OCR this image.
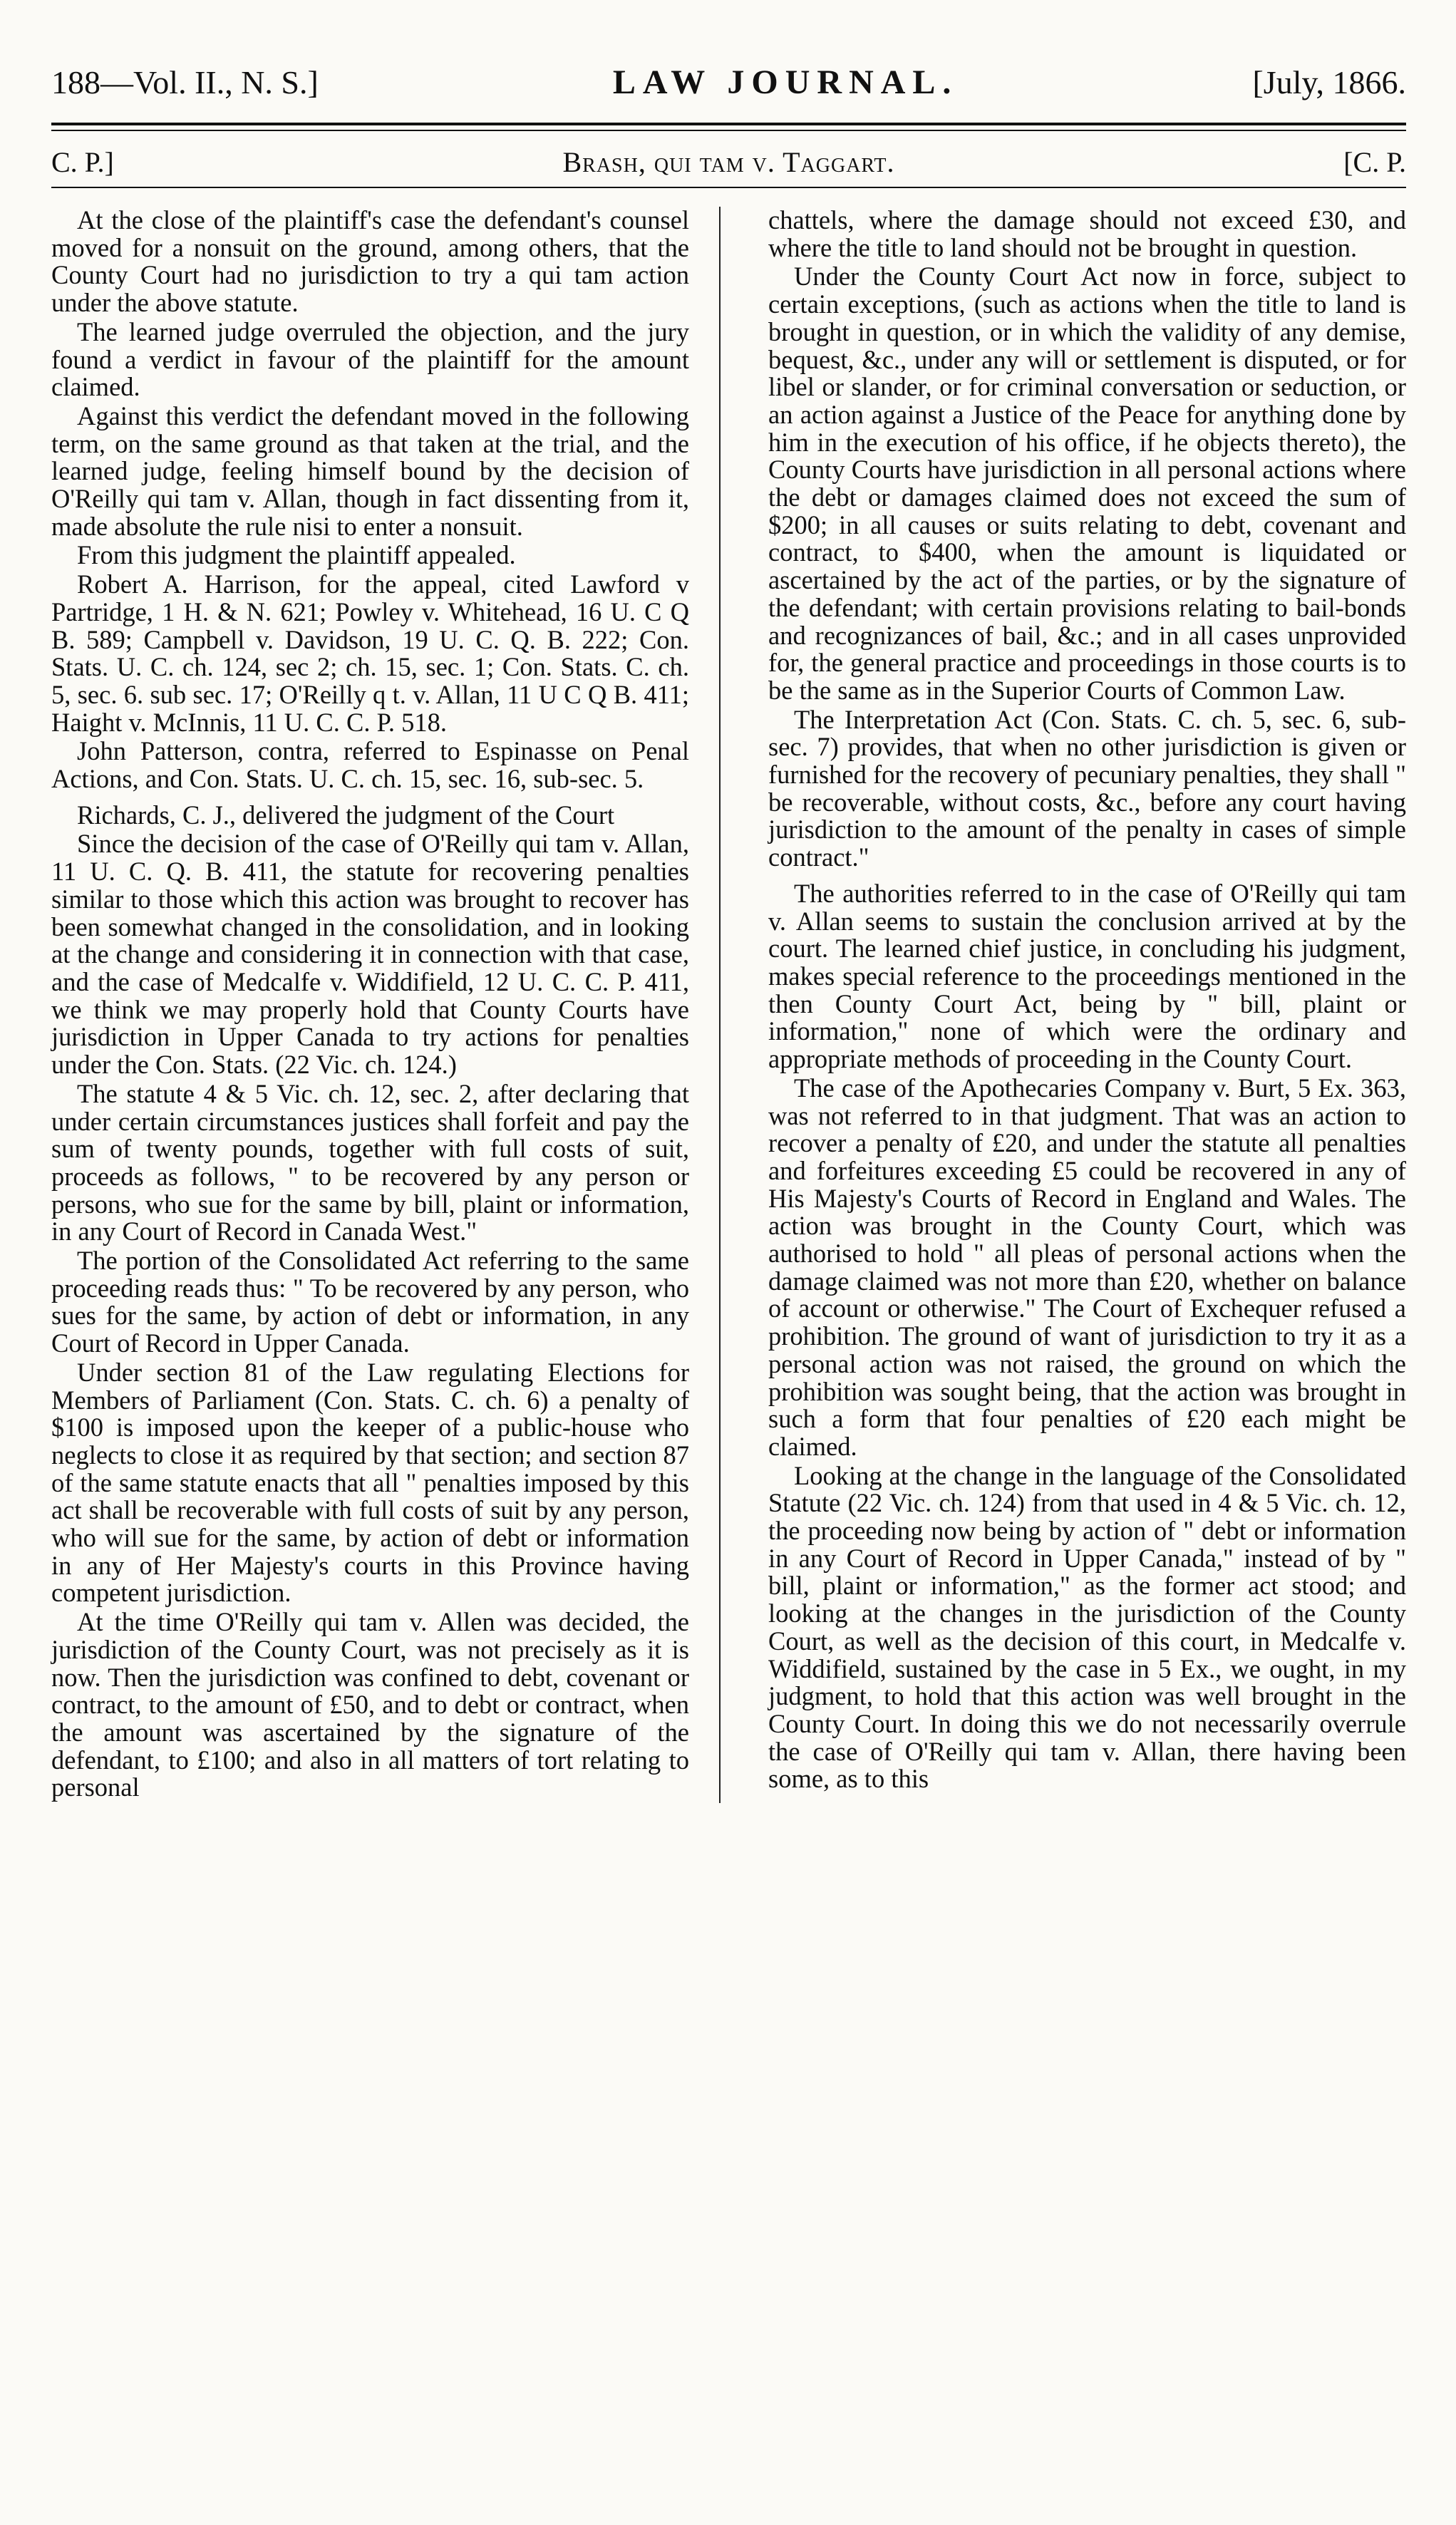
188—Vol. II., N. S.]	LAW JOURNAL.	[July, 1866.
C. P.]	Brash, qui tam v. Taggart.	[C. P.

At the close of the plaintiff's case the defendant's counsel moved for a nonsuit on the ground, among others, that the County Court had no jurisdiction to try a qui tam action under the above statute.

The learned judge overruled the objection, and the jury found a verdict in favour of the plaintiff for the amount claimed.

Against this verdict the defendant moved in the following term, on the same ground as that taken at the trial, and the learned judge, feeling himself bound by the decision of O'Reilly qui tam v. Allan, though in fact dissenting from it, made absolute the rule nisi to enter a nonsuit.

From this judgment the plaintiff appealed.

Robert A. Harrison, for the appeal, cited Lawford v Partridge, 1 H. & N. 621; Powley v. Whitehead, 16 U. C Q B. 589; Campbell v. Davidson, 19 U. C. Q. B. 222; Con. Stats. U. C. ch. 124, sec 2; ch. 15, sec. 1; Con. Stats. C. ch. 5, sec. 6. sub sec. 17; O'Reilly q t. v. Allan, 11 U C Q B. 411; Haight v. McInnis, 11 U. C. C. P. 518.

John Patterson, contra, referred to Espinasse on Penal Actions, and Con. Stats. U. C. ch. 15, sec. 16, sub-sec. 5.

Richards, C. J., delivered the judgment of the Court

Since the decision of the case of O'Reilly qui tam v. Allan, 11 U. C. Q. B. 411, the statute for recovering penalties similar to those which this action was brought to recover has been somewhat changed in the consolidation, and in looking at the change and considering it in connection with that case, and the case of Medcalfe v. Widdifield, 12 U. C. C. P. 411, we think we may properly hold that County Courts have jurisdiction in Upper Canada to try actions for penalties under the Con. Stats. (22 Vic. ch. 124.)

The statute 4 & 5 Vic. ch. 12, sec. 2, after declaring that under certain circumstances justices shall forfeit and pay the sum of twenty pounds, together with full costs of suit, proceeds as follows, " to be recovered by any person or persons, who sue for the same by bill, plaint or information, in any Court of Record in Canada West."

The portion of the Consolidated Act referring to the same proceeding reads thus: " To be recovered by any person, who sues for the same, by action of debt or information, in any Court of Record in Upper Canada.

Under section 81 of the Law regulating Elections for Members of Parliament (Con. Stats. C. ch. 6) a penalty of $100 is imposed upon the keeper of a public-house who neglects to close it as required by that section; and section 87 of the same statute enacts that all " penalties imposed by this act shall be recoverable with full costs of suit by any person, who will sue for the same, by action of debt or information in any of Her Majesty's courts in this Province having competent jurisdiction.

At the time O'Reilly qui tam v. Allen was decided, the jurisdiction of the County Court, was not precisely as it is now. Then the jurisdiction was confined to debt, covenant or contract, to the amount of £50, and to debt or contract, when the amount was ascertained by the signature of the defendant, to £100; and also in all matters of tort relating to personal

chattels, where the damage should not exceed £30, and where the title to land should not be brought in question.

Under the County Court Act now in force, subject to certain exceptions, (such as actions when the title to land is brought in question, or in which the validity of any demise, bequest, &c., under any will or settlement is disputed, or for libel or slander, or for criminal conversation or seduction, or an action against a Justice of the Peace for anything done by him in the execution of his office, if he objects thereto), the County Courts have jurisdiction in all personal actions where the debt or damages claimed does not exceed the sum of $200; in all causes or suits relating to debt, covenant and contract, to $400, when the amount is liquidated or ascertained by the act of the parties, or by the signature of the defendant; with certain provisions relating to bail-bonds and recognizances of bail, &c.; and in all cases unprovided for, the general practice and proceedings in those courts is to be the same as in the Superior Courts of Common Law.

The Interpretation Act (Con. Stats. C. ch. 5, sec. 6, sub-sec. 7) provides, that when no other jurisdiction is given or furnished for the recovery of pecuniary penalties, they shall " be recoverable, without costs, &c., before any court having jurisdiction to the amount of the penalty in cases of simple contract."

The authorities referred to in the case of O'Reilly qui tam v. Allan seems to sustain the conclusion arrived at by the court. The learned chief justice, in concluding his judgment, makes special reference to the proceedings mentioned in the then County Court Act, being by " bill, plaint or information," none of which were the ordinary and appropriate methods of proceeding in the County Court.

The case of the Apothecaries Company v. Burt, 5 Ex. 363, was not referred to in that judgment. That was an action to recover a penalty of £20, and under the statute all penalties and forfeitures exceeding £5 could be recovered in any of His Majesty's Courts of Record in England and Wales. The action was brought in the County Court, which was authorised to hold " all pleas of personal actions when the damage claimed was not more than £20, whether on balance of account or otherwise." The Court of Exchequer refused a prohibition. The ground of want of jurisdiction to try it as a personal action was not raised, the ground on which the prohibition was sought being, that the action was brought in such a form that four penalties of £20 each might be claimed.

Looking at the change in the language of the Consolidated Statute (22 Vic. ch. 124) from that used in 4 & 5 Vic. ch. 12, the proceeding now being by action of " debt or information in any Court of Record in Upper Canada," instead of by " bill, plaint or information," as the former act stood; and looking at the changes in the jurisdiction of the County Court, as well as the decision of this court, in Medcalfe v. Widdifield, sustained by the case in 5 Ex., we ought, in my judgment, to hold that this action was well brought in the County Court. In doing this we do not necessarily overrule the case of O'Reilly qui tam v. Allan, there having been some, as to this
